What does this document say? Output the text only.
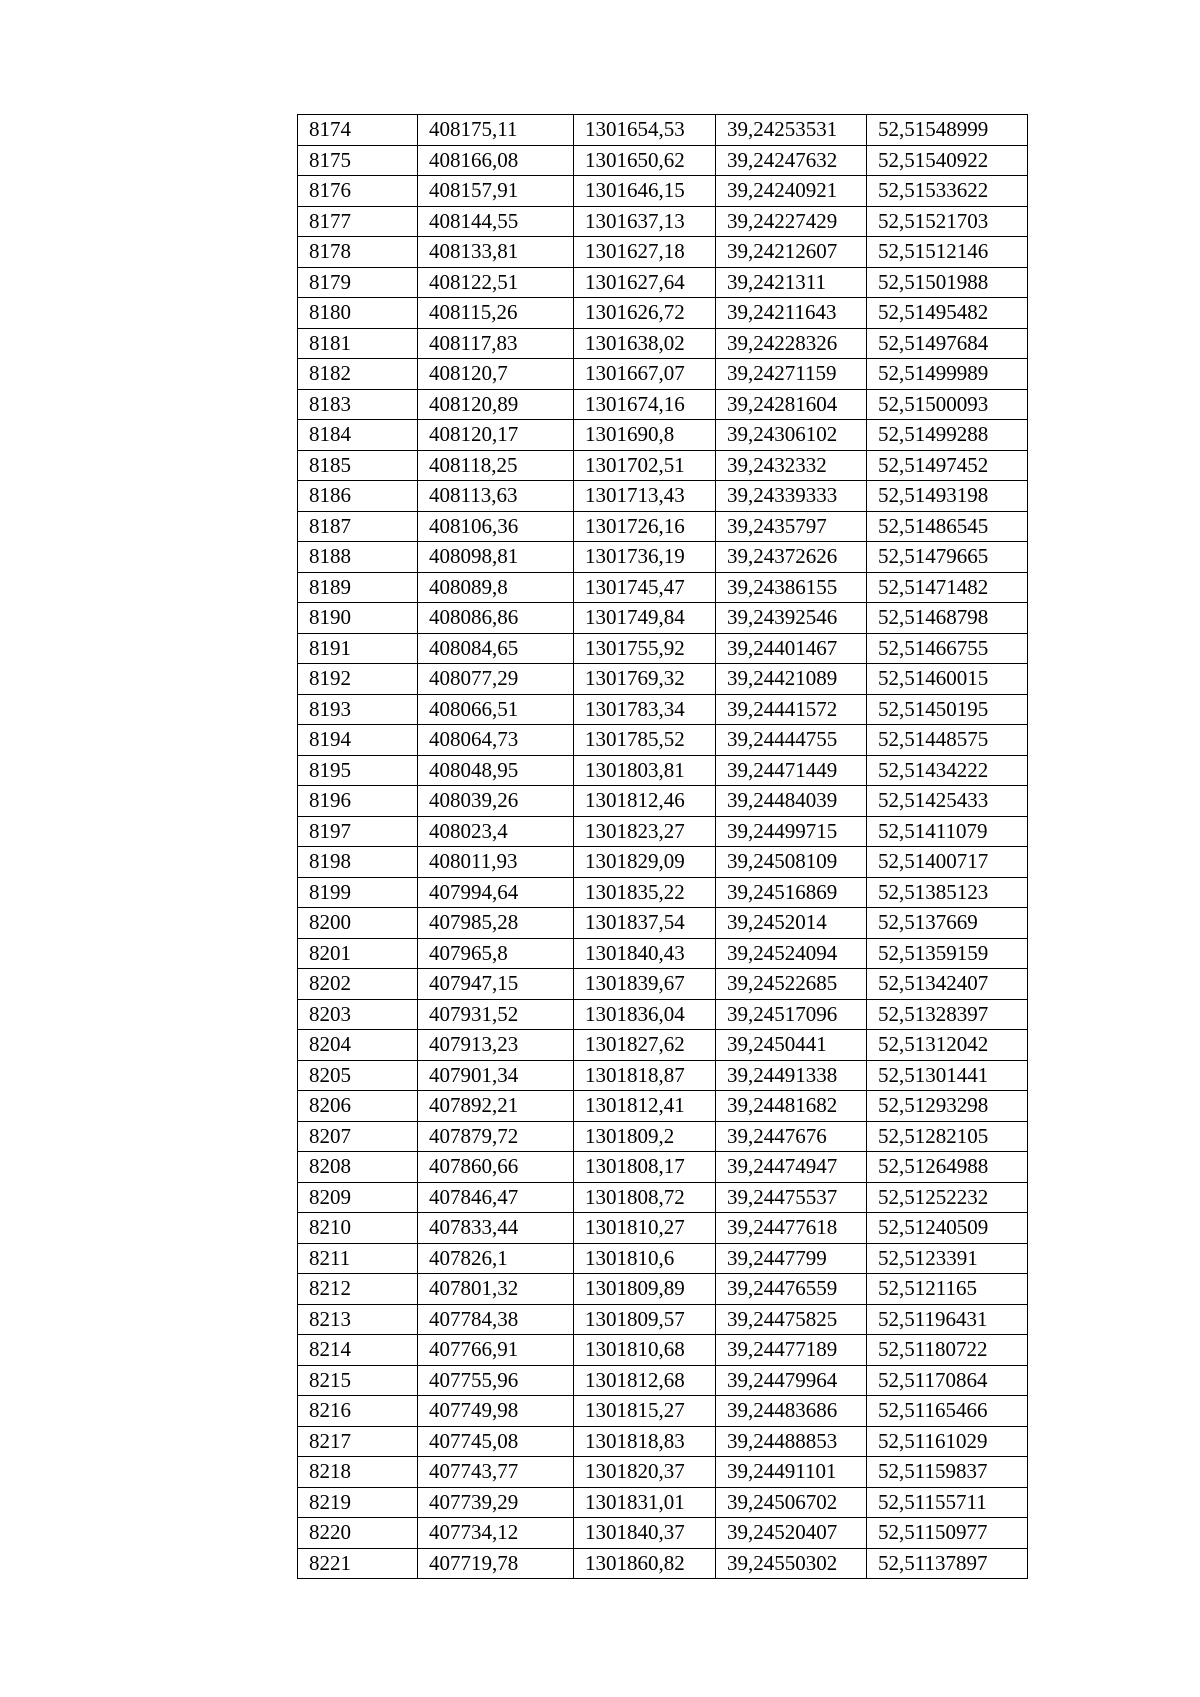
8174	408175,11	1301654,53	39,24253531	52,51548999
8175	408166,08	1301650,62	39,24247632	52,51540922
8176	408157,91	1301646,15	39,24240921	52,51533622
8177	408144,55	1301637,13	39,24227429	52,51521703
8178	408133,81	1301627,18	39,24212607	52,51512146
8179	408122,51	1301627,64	39,2421311	52,51501988
8180	408115,26	1301626,72	39,24211643	52,51495482
8181	408117,83	1301638,02	39,24228326	52,51497684
8182	408120,7	1301667,07	39,24271159	52,51499989
8183	408120,89	1301674,16	39,24281604	52,51500093
8184	408120,17	1301690,8	39,24306102	52,51499288
8185	408118,25	1301702,51	39,2432332	52,51497452
8186	408113,63	1301713,43	39,24339333	52,51493198
8187	408106,36	1301726,16	39,2435797	52,51486545
8188	408098,81	1301736,19	39,24372626	52,51479665
8189	408089,8	1301745,47	39,24386155	52,51471482
8190	408086,86	1301749,84	39,24392546	52,51468798
8191	408084,65	1301755,92	39,24401467	52,51466755
8192	408077,29	1301769,32	39,24421089	52,51460015
8193	408066,51	1301783,34	39,24441572	52,51450195
8194	408064,73	1301785,52	39,24444755	52,51448575
8195	408048,95	1301803,81	39,24471449	52,51434222
8196	408039,26	1301812,46	39,24484039	52,51425433
8197	408023,4	1301823,27	39,24499715	52,51411079
8198	408011,93	1301829,09	39,24508109	52,51400717
8199	407994,64	1301835,22	39,24516869	52,51385123
8200	407985,28	1301837,54	39,2452014	52,5137669
8201	407965,8	1301840,43	39,24524094	52,51359159
8202	407947,15	1301839,67	39,24522685	52,51342407
8203	407931,52	1301836,04	39,24517096	52,51328397
8204	407913,23	1301827,62	39,2450441	52,51312042
8205	407901,34	1301818,87	39,24491338	52,51301441
8206	407892,21	1301812,41	39,24481682	52,51293298
8207	407879,72	1301809,2	39,2447676	52,51282105
8208	407860,66	1301808,17	39,24474947	52,51264988
8209	407846,47	1301808,72	39,24475537	52,51252232
8210	407833,44	1301810,27	39,24477618	52,51240509
8211	407826,1	1301810,6	39,2447799	52,5123391
8212	407801,32	1301809,89	39,24476559	52,5121165
8213	407784,38	1301809,57	39,24475825	52,51196431
8214	407766,91	1301810,68	39,24477189	52,51180722
8215	407755,96	1301812,68	39,24479964	52,51170864
8216	407749,98	1301815,27	39,24483686	52,51165466
8217	407745,08	1301818,83	39,24488853	52,51161029
8218	407743,77	1301820,37	39,24491101	52,51159837
8219	407739,29	1301831,01	39,24506702	52,51155711
8220	407734,12	1301840,37	39,24520407	52,51150977
8221	407719,78	1301860,82	39,24550302	52,51137897
